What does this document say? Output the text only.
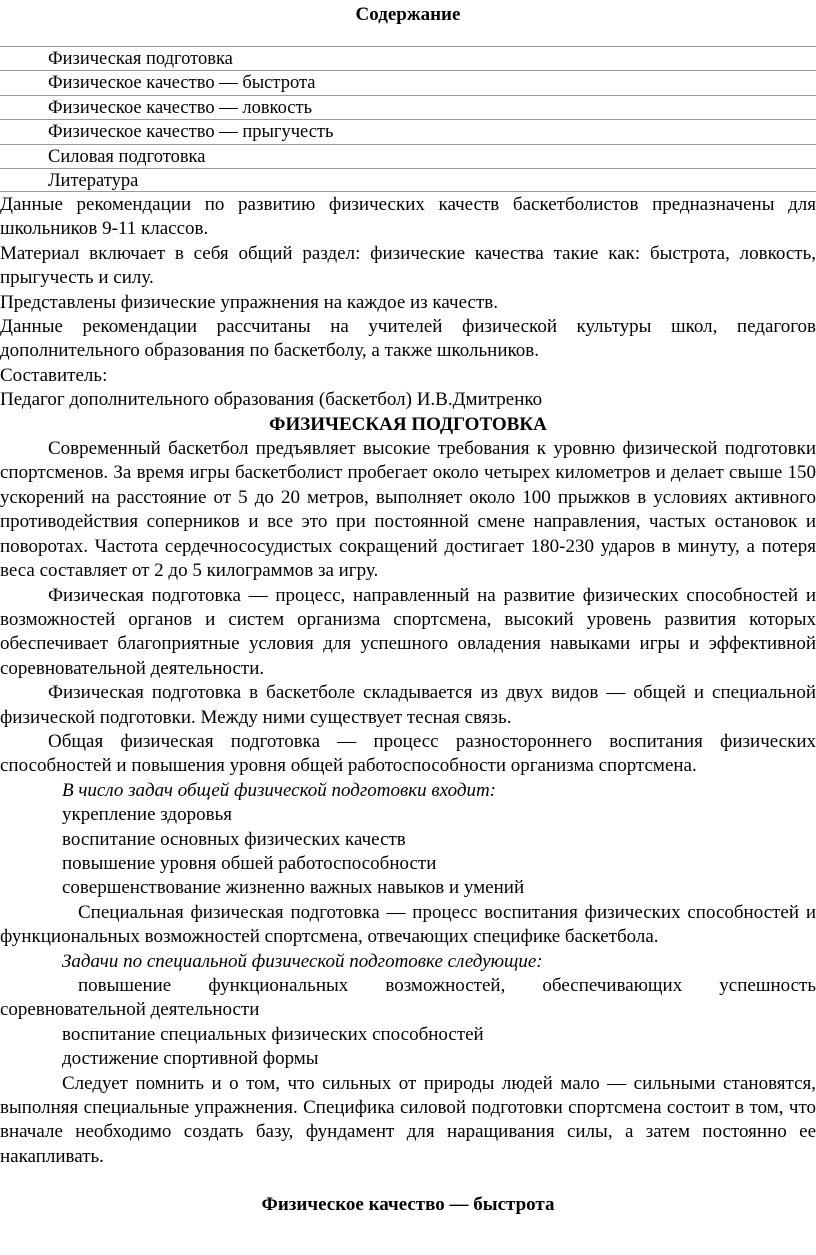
Содержание
Физическая подготовка
Физическое качество — быстрота
Физическое качество — ловкость
Физическое качество — прыгучесть
Силовая подготовка
Литература

Данные рекомендации по развитию физических качеств баскетболистов предназначены для школьников 9-11 классов.

Материал включает в себя общий раздел: физические качества такие как: быстрота, ловкость, прыгучесть и силу.

Представлены физические упражнения на каждое из качеств.

Данные рекомендации рассчитаны на учителей физической культуры школ, педагогов дополнительного образования по баскетболу, а также школьников.

Составитель:

Педагог дополнительного образования (баскетбол) И.В.Дмитренко

ФИЗИЧЕСКАЯ ПОДГОТОВКА

Современный баскетбол предъявляет высокие требования к уровню физической подготовки спортсменов. За время игры баскетболист пробегает около четырех километров и делает свыше 150 ускорений на расстояние от 5 до 20 метров, выполняет около 100 прыжков в условиях активного противодействия соперников и все это при постоянной смене направления, частых остановок и поворотах. Частота сердечнососудистых сокращений достигает 180-230 ударов в минуту, а потеря веса составляет от 2 до 5 килограммов за игру.

Физическая подготовка — процесс, направленный на развитие физических способностей и возможностей органов и систем организма спортсмена, высокий уровень развития которых обеспечивает благоприятные условия для успешного овладения навыками игры и эффективной соревновательной деятельности.

Физическая подготовка в баскетболе складывается из двух видов — общей и специальной физической подготовки. Между ними существует тесная связь.

Общая физическая подготовка — процесс разностороннего воспитания физических способностей и повышения уровня общей работоспособности организма спортсмена.

В число задач общей физической подготовки входит:

укрепление здоровья

воспитание основных физических качеств

повышение уровня обшей работоспособности

совершенствование жизненно важных навыков и умений

Специальная физическая подготовка — процесс воспитания физических способностей и функциональных возможностей спортсмена, отвечающих специфике баскетбола.

Задачи по специальной физической подготовке следующие:

повышение функциональных возможностей, обеспечивающих успешность соревновательной деятельности

воспитание специальных физических способностей

достижение спортивной формы

Следует помнить и о том, что сильных от природы людей мало — сильными становятся, выполняя специальные упражнения. Специфика силовой подготовки спортсмена состоит в том, что вначале необходимо создать базу, фундамент для наращивания силы, а затем постоянно ее накапливать.

Физическое качество — быстрота
